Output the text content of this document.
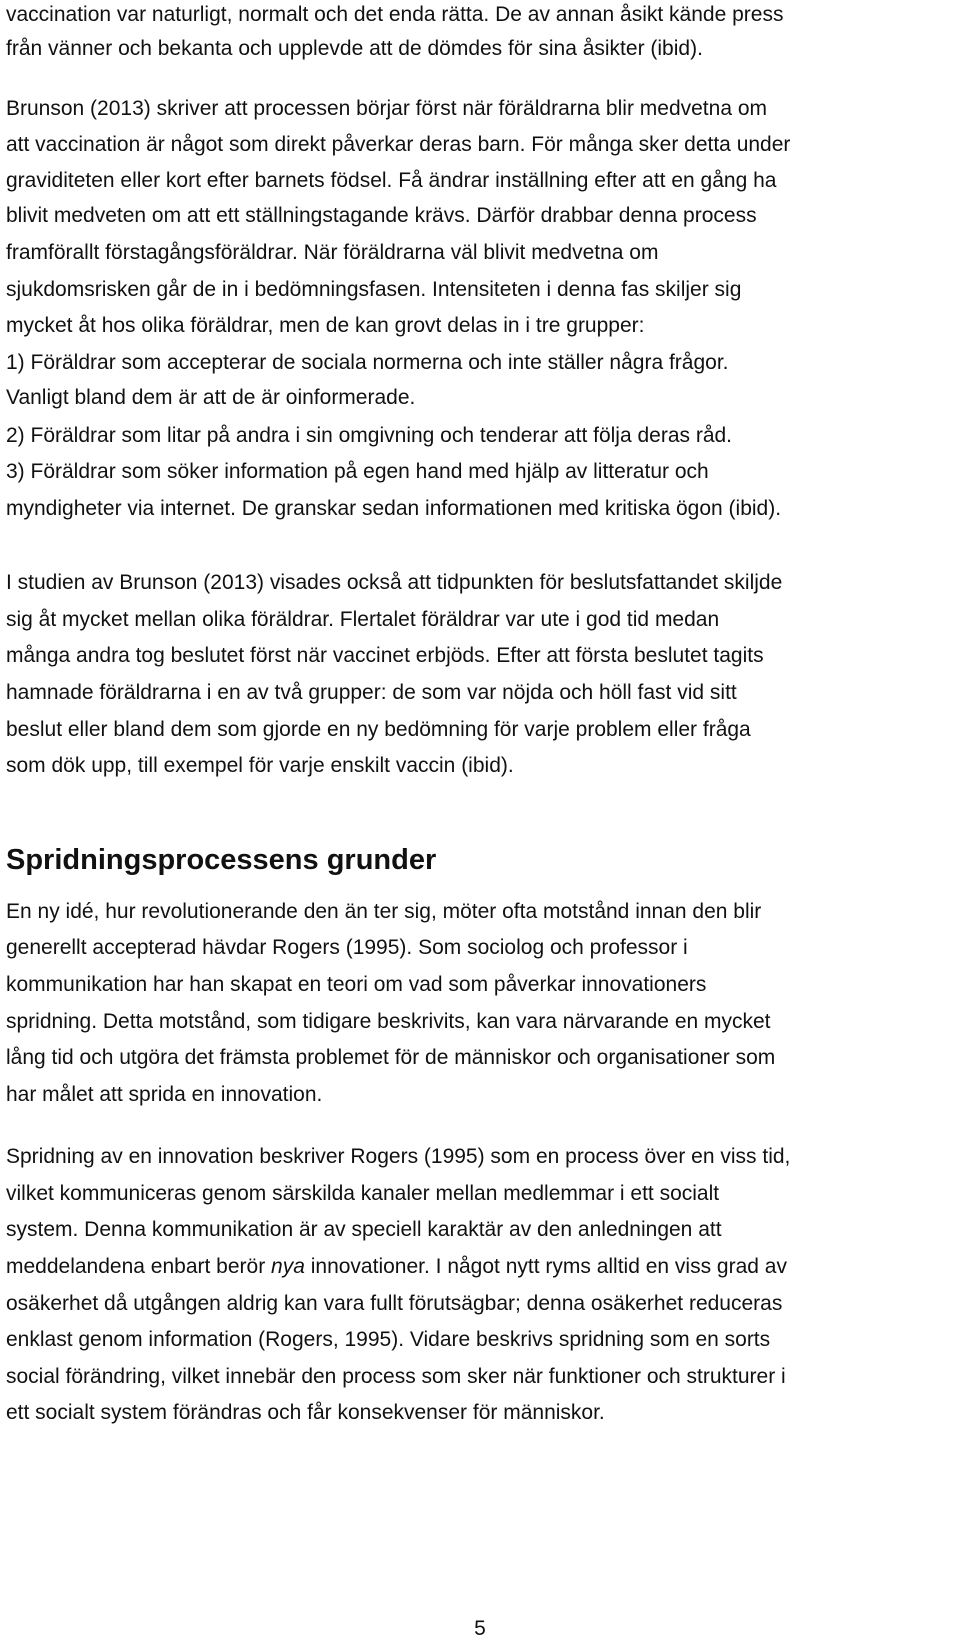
vaccination var naturligt, normalt och det enda rätta. De av annan åsikt kände press
från vänner och bekanta och upplevde att de dömdes för sina åsikter (ibid).
Brunson (2013) skriver att processen börjar först när föräldrarna blir medvetna om
att vaccination är något som direkt påverkar deras barn. För många sker detta under
graviditeten eller kort efter barnets födsel. Få ändrar inställning efter att en gång ha
blivit medveten om att ett ställningstagande krävs. Därför drabbar denna process
framförallt förstagångsföräldrar. När föräldrarna väl blivit medvetna om
sjukdomsrisken går de in i bedömningsfasen. Intensiteten i denna fas skiljer sig
mycket åt hos olika föräldrar, men de kan grovt delas in i tre grupper:
1) Föräldrar som accepterar de sociala normerna och inte ställer några frågor.
Vanligt bland dem är att de är oinformerade.
2) Föräldrar som litar på andra i sin omgivning och tenderar att följa deras råd.
3) Föräldrar som söker information på egen hand med hjälp av litteratur och
myndigheter via internet. De granskar sedan informationen med kritiska ögon (ibid).
I studien av Brunson (2013) visades också att tidpunkten för beslutsfattandet skiljde
sig åt mycket mellan olika föräldrar. Flertalet föräldrar var ute i god tid medan
många andra tog beslutet först när vaccinet erbjöds. Efter att första beslutet tagits
hamnade föräldrarna i en av två grupper: de som var nöjda och höll fast vid sitt
beslut eller bland dem som gjorde en ny bedömning för varje problem eller fråga
som dök upp, till exempel för varje enskilt vaccin (ibid).
Spridningsprocessens grunder
En ny idé, hur revolutionerande den än ter sig, möter ofta motstånd innan den blir
generellt accepterad hävdar Rogers (1995). Som sociolog och professor i
kommunikation har han skapat en teori om vad som påverkar innovationers
spridning. Detta motstånd, som tidigare beskrivits, kan vara närvarande en mycket
lång tid och utgöra det främsta problemet för de människor och organisationer som
har målet att sprida en innovation.
Spridning av en innovation beskriver Rogers (1995) som en process över en viss tid,
vilket kommuniceras genom särskilda kanaler mellan medlemmar i ett socialt
system. Denna kommunikation är av speciell karaktär av den anledningen att
meddelandena enbart berör nya innovationer. I något nytt ryms alltid en viss grad av
osäkerhet då utgången aldrig kan vara fullt förutsägbar; denna osäkerhet reduceras
enklast genom information (Rogers, 1995). Vidare beskrivs spridning som en sorts
social förändring, vilket innebär den process som sker när funktioner och strukturer i
ett socialt system förändras och får konsekvenser för människor.
5
